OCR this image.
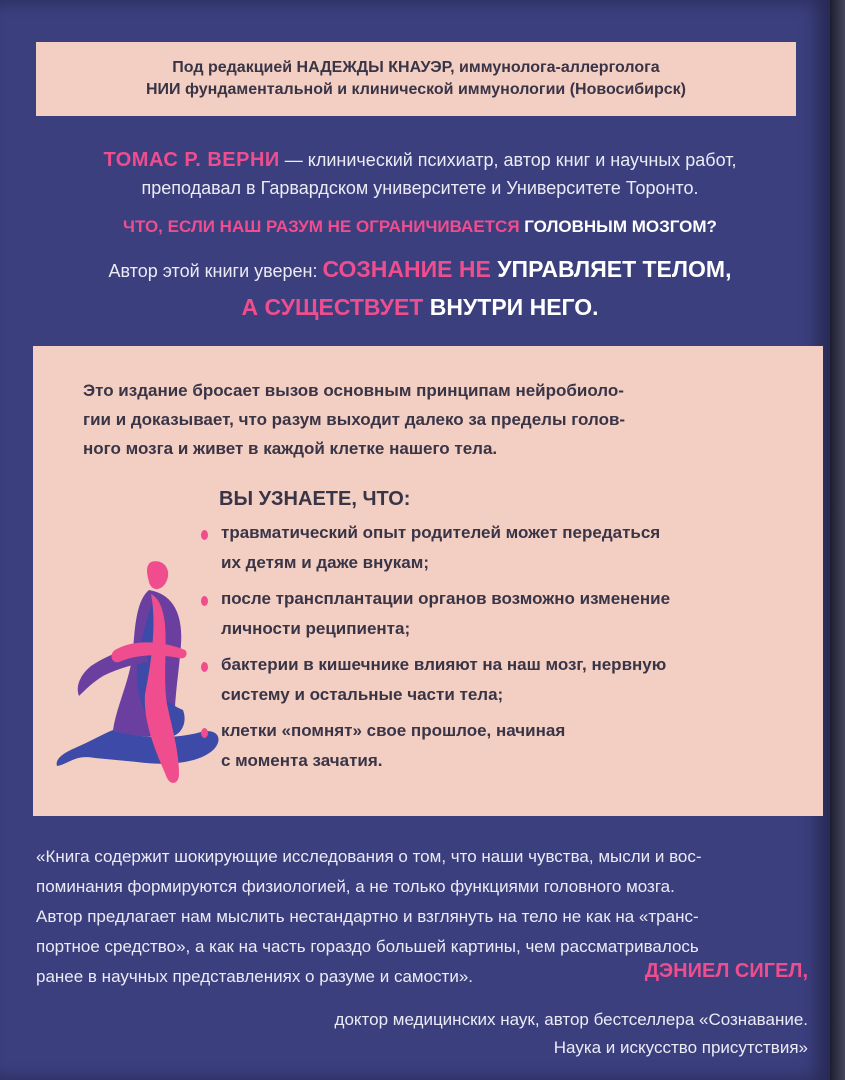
Под редакцией НАДЕЖДЫ КНАУЭР, иммунолога-аллерголога
НИИ фундаментальной и клинической иммунологии (Новосибирск)
ТОМАС Р. ВЕРНИ — клинический психиатр, автор книг и научных работ,
преподавал в Гарвардском университете и Университете Торонто.
ЧТО, ЕСЛИ НАШ РАЗУМ НЕ ОГРАНИЧИВАЕТСЯ ГОЛОВНЫМ МОЗГОМ?
Автор этой книги уверен: СОЗНАНИЕ НЕ УПРАВЛЯЕТ ТЕЛОМ,
А СУЩЕСТВУЕТ ВНУТРИ НЕГО.
Это издание бросает вызов основным принципам нейробиоло-
гии и доказывает, что разум выходит далеко за пределы голов-
ного мозга и живет в каждой клетке нашего тела.
ВЫ УЗНАЕТЕ, ЧТО:
травматический опыт родителей может передаться
их детям и даже внукам;
после трансплантации органов возможно изменение
личности реципиента;
бактерии в кишечнике влияют на наш мозг, нервную
систему и остальные части тела;
клетки «помнят» свое прошлое, начиная
с момента зачатия.
«Книга содержит шокирующие исследования о том, что наши чувства, мысли и вос-
поминания формируются физиологией, а не только функциями головного мозга.
Автор предлагает нам мыслить нестандартно и взглянуть на тело не как на «транс-
портное средство», а как на часть гораздо большей картины, чем рассматривалось
ранее в научных представлениях о разуме и самости».	ДЭНИЕЛ СИГЕЛ,
доктор медицинских наук, автор бестселлера «Сознавание.
Наука и искусство присутствия»
